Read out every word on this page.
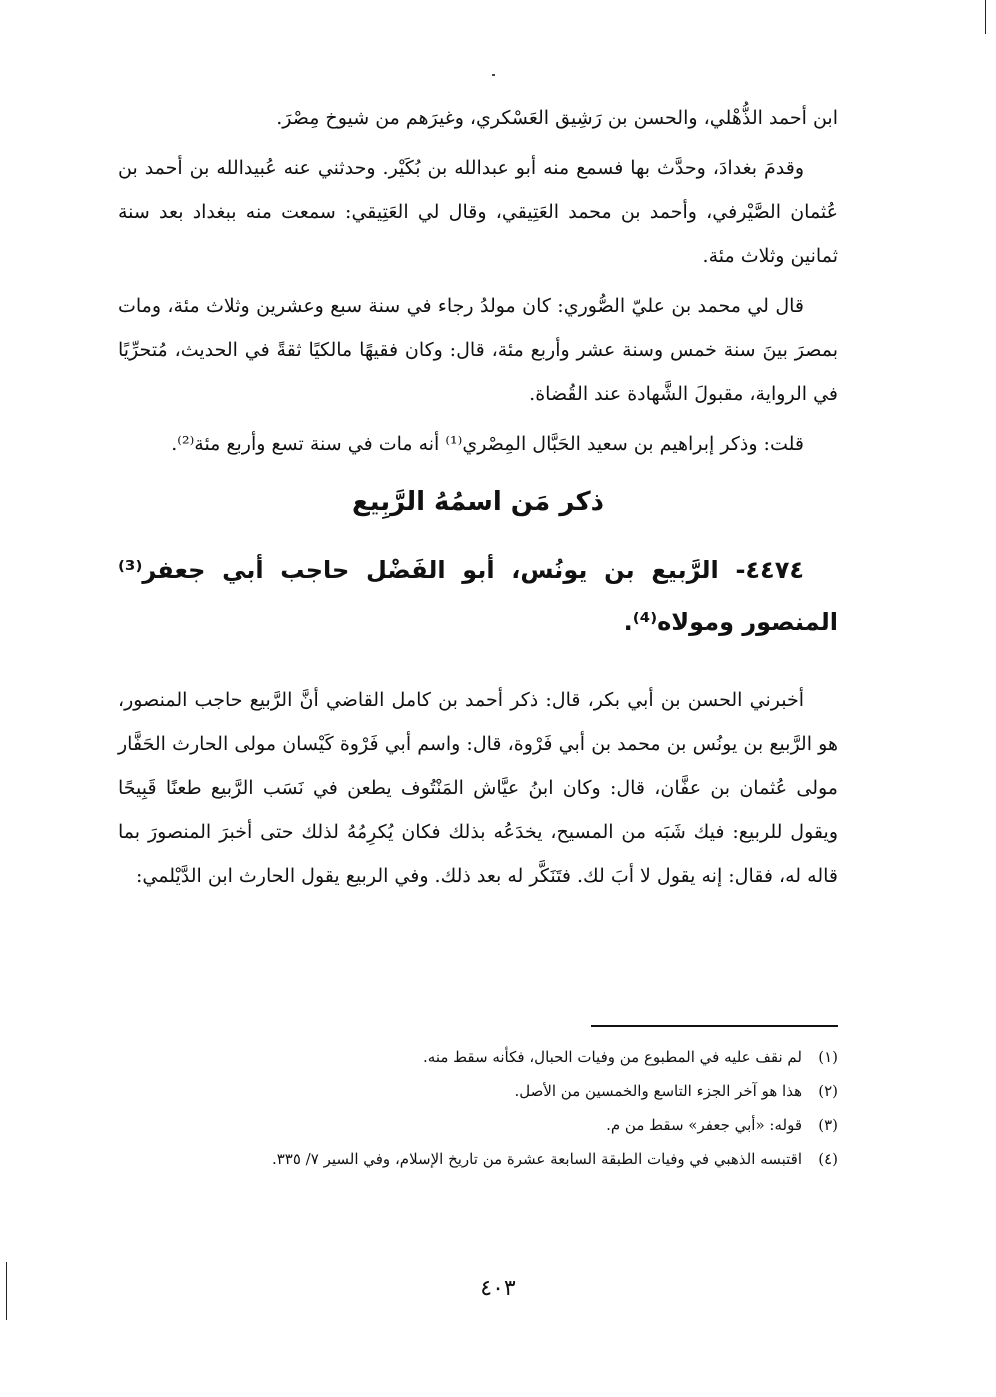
ابن أحمد الذُّهْلي، والحسن بن رَشِيق العَسْكري، وغيرَهم من شيوخ مِصْرَ.

وقدمَ بغدادَ، وحدَّث بها فسمع منه أبو عبدالله بن بُكَيْر. وحدثني عنه عُبيدالله بن أحمد بن عُثمان الصَّيْرفي، وأحمد بن محمد العَتِيقي، وقال لي العَتِيقي: سمعت منه ببغداد بعد سنة ثمانين وثلاث مئة.

قال لي محمد بن عليّ الصُّوري: كان مولدُ رجاء في سنة سبع وعشرين وثلاث مئة، ومات بمصرَ بينَ سنة خمس وسنة عشر وأربع مئة، قال: وكان فقيهًا مالكيًا ثقةً في الحديث، مُتحرِّيًا في الرواية، مقبولَ الشَّهادة عند القُضاة.

قلت: وذكر إبراهيم بن سعيد الحَبَّال المِصْري⁽¹⁾ أنه مات في سنة تسع وأربع مئة⁽²⁾.

ذكر مَن اسمُهُ الرَّبِيع
٤٤٧٤- الرَّبيع بن يونُس، أبو الفَضْل حاجب أبي جعفر⁽³⁾ المنصور ومولاه⁽⁴⁾.

أخبرني الحسن بن أبي بكر، قال: ذكر أحمد بن كامل القاضي أنَّ الرَّبيع حاجب المنصور، هو الرَّبيع بن يونُس بن محمد بن أبي فَرْوة، قال: واسم أبي فَرْوة كَيْسان مولى الحارث الحَفَّار مولى عُثمان بن عفَّان، قال: وكان ابنُ عيَّاش المَنْتُوف يطعن في نَسَب الرَّبيع طعنًا قَبِيحًا ويقول للربيع: فيك شَبَه من المسيح، يخدَعُه بذلك فكان يُكرِمُهُ لذلك حتى أخبرَ المنصورَ بما قاله له، فقال: إنه يقول لا أبَ لك. فتَنَكَّر له بعد ذلك. وفي الربيع يقول الحارث ابن الدَّيْلمي:

(١)
لم نقف عليه في المطبوع من وفيات الحبال، فكأنه سقط منه.
(٢)
هذا هو آخر الجزء التاسع والخمسين من الأصل.
(٣)
قوله: «أبي جعفر» سقط من م.
(٤)
اقتبسه الذهبي في وفيات الطبقة السابعة عشرة من تاريخ الإسلام، وفي السير ٧/ ٣٣٥.
٤٠٣
